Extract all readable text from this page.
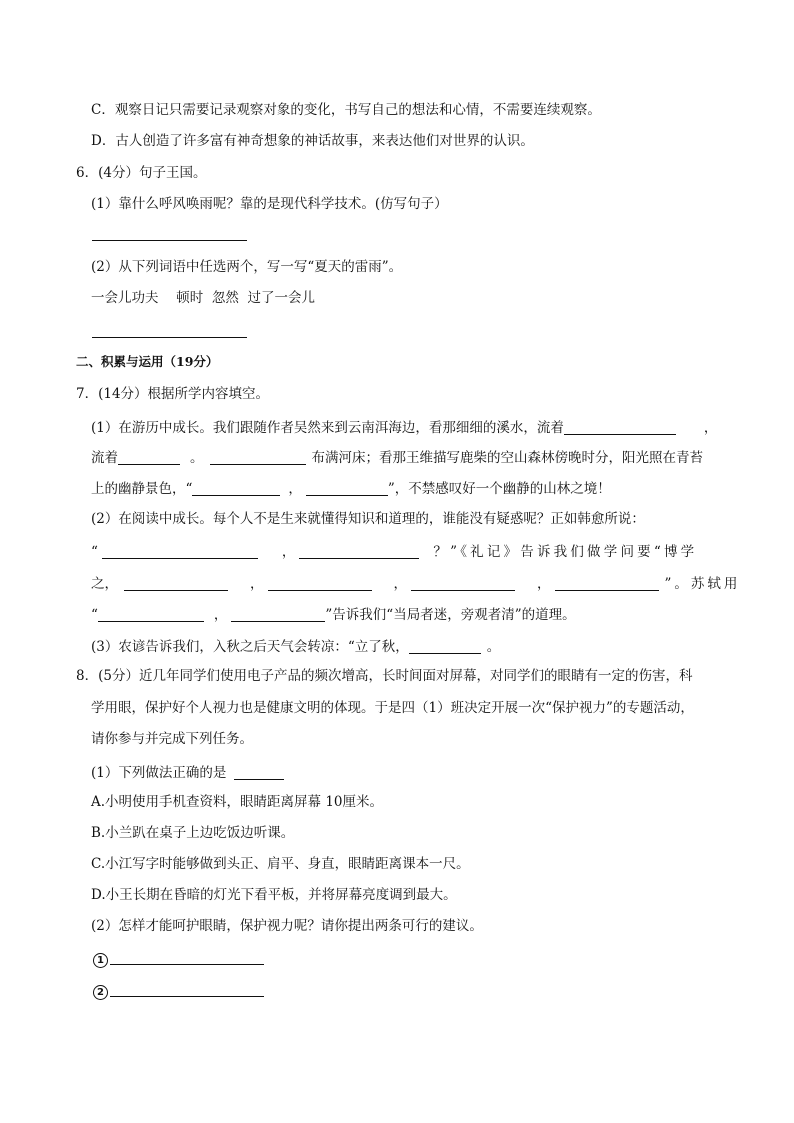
C．观察日记只需要记录观察对象的变化，书写自己的想法和心情，不需要连续观察。
D．古人创造了许多富有神奇想象的神话故事，来表达他们对世界的认识。
6．(4分）句子王国。
(1）靠什么呼风唤雨呢？靠的是现代科学技术。(仿写句子）
(2）从下列词语中任选两个，写一写“夏天的雷雨”。
一会儿功夫　 顿时  忽然  过了一会儿
二、积累与运用（19分）
7．(14分）根据所学内容填空。
(1）在游历中成长。我们跟随作者吴然来到云南洱海边，看那细细的溪水，流着	，
流着	。	布满河床；看那王维描写鹿柴的空山森林傍晚时分，阳光照在青苔
上的幽静景色，“	，	”，不禁感叹好一个幽静的山林之境！
(2）在阅读中成长。每个人不是生来就懂得知识和道理的，谁能没有疑惑呢？正如韩愈所说：
“	，	？”《礼记》告诉我们做学问要“博学
之，	，	，	，	”。苏轼用
“	，	”告诉我们“当局者迷，旁观者清”的道理。
(3）农谚告诉我们，入秋之后天气会转凉：“立了秋，	。
8．(5分）近几年同学们使用电子产品的频次增高，长时间面对屏幕，对同学们的眼睛有一定的伤害，科
学用眼，保护好个人视力也是健康文明的体现。于是四（1）班决定开展一次“保护视力”的专题活动，
请你参与并完成下列任务。
(1）下列做法正确的是
A.小明使用手机查资料，眼睛距离屏幕 10厘米。
B.小兰趴在桌子上边吃饭边听课。
C.小江写字时能够做到头正、肩平、身直，眼睛距离课本一尺。
D.小王长期在昏暗的灯光下看平板，并将屏幕亮度调到最大。
(2）怎样才能呵护眼睛，保护视力呢？请你提出两条可行的建议。
1
2
